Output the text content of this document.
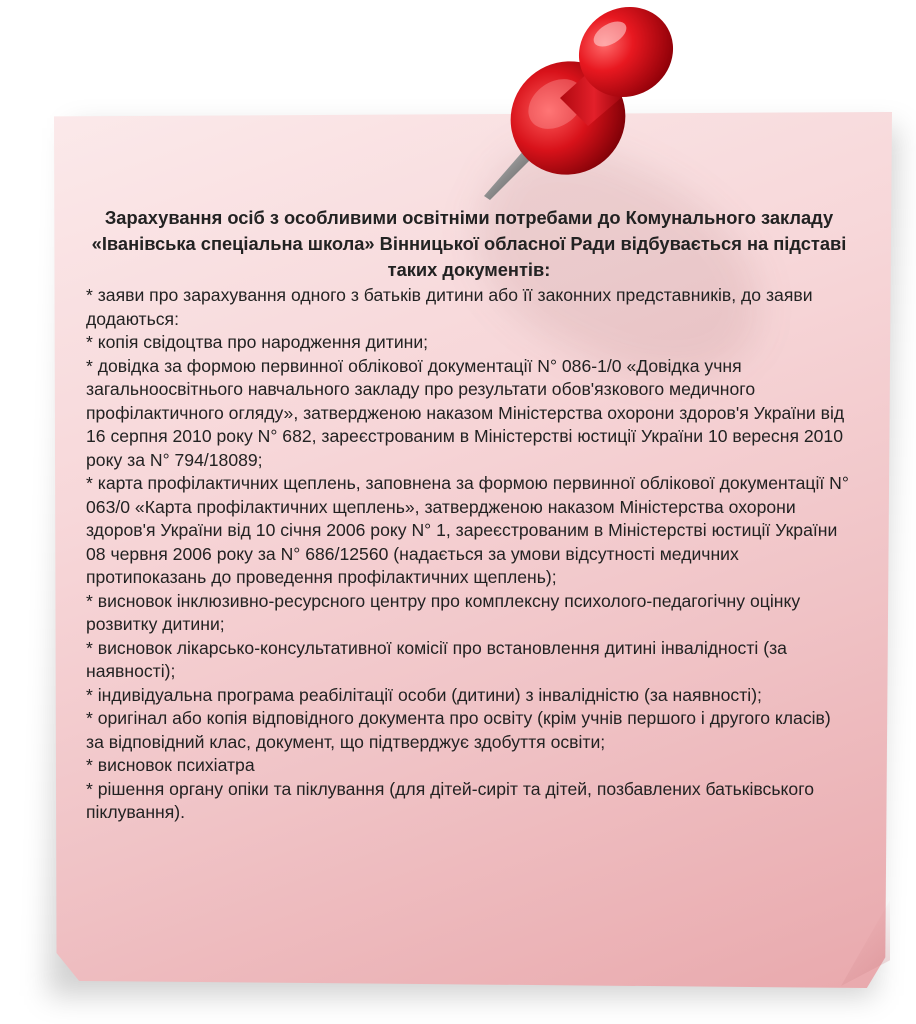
Зарахування осіб з особливими освітніми потребами до Комунального закладу «Іванівська спеціальна школа» Вінницької обласної Ради відбувається на підставі таких документів:
* заяви про зарахування одного з батьків дитини або її законних представників, до заяви додаються:
* копія свідоцтва про народження дитини;
* довідка за формою первинної облікової документації N° 086-1/0 «Довідка учня загальноосвітнього навчального закладу про результати обов'язкового медичного профілактичного огляду», затвердженою наказом Міністерства охорони здоров'я України від 16 серпня 2010 року N° 682, зареєстрованим в Міністерстві юстиції України 10 вересня 2010 року за N° 794/18089;
* карта профілактичних щеплень, заповнена за формою первинної облікової документації N° 063/0 «Карта профілактичних щеплень», затвердженою наказом Міністерства охорони здоров'я України від 10 січня 2006 року N° 1, зареєстрованим в Міністерстві юстиції України 08 червня 2006 року за N° 686/12560 (надається за умови відсутності медичних протипоказань до проведення профілактичних щеплень);
* висновок інклюзивно-ресурсного центру про комплексну психолого-педагогічну оцінку розвитку дитини;
* висновок лікарсько-консультативної комісії про встановлення дитині інвалідності (за наявності);
* індивідуальна програма реабілітації особи (дитини) з інвалідністю (за наявності);
* оригінал або копія відповідного документа про освіту (крім учнів першого і другого класів) за відповідний клас, документ, що підтверджує здобуття освіти;
* висновок психіатра
* рішення органу опіки та піклування (для дітей-сиріт та дітей, позбавлених батьківського піклування).
